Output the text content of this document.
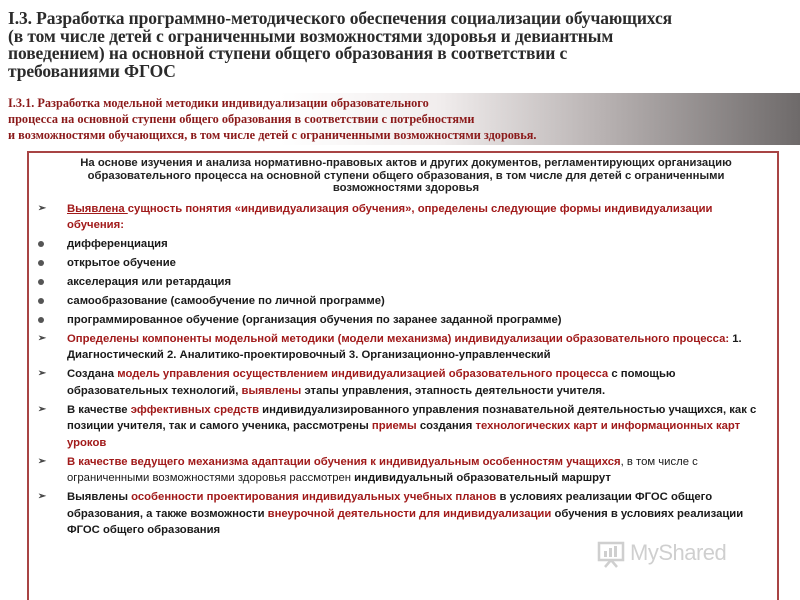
I.3. Разработка программно-методического обеспечения социализации обучающихся
(в том числе детей с ограниченными возможностями здоровья и девиантным
поведением) на основной ступени общего образования в соответствии с
требованиями ФГОС
I.3.1. Разработка модельной методики индивидуализации образовательного
процесса на основной ступени общего образования в соответствии с потребностями
и возможностями обучающихся, в том числе детей с ограниченными возможностями здоровья.
На основе изучения и анализа нормативно-правовых актов и других документов, регламентирующих организацию образовательного процесса на основной ступени общего образования, в том числе для детей с ограниченными возможностями здоровья
➢ Выявлена сущность понятия «индивидуализация обучения», определены следующие формы индивидуализации обучения:
дифференциация
открытое обучение
акселерация или ретардация
самообразование (самообучение по личной программе)
программированное обучение (организация обучения по заранее заданной программе)
➢ Определены компоненты модельной методики (модели механизма) индивидуализации образовательного процесса: 1. Диагностический 2. Аналитико-проектировочный 3. Организационно-управленческий
➢ Создана модель управления осуществлением индивидуализацией образовательного процесса с помощью образовательных технологий, выявлены этапы управления, этапность деятельности учителя.
➢ В качестве эффективных средств индивидуализированного управления познавательной деятельностью учащихся, как с позиции учителя, так и самого ученика, рассмотрены приемы создания технологических карт и информационных карт уроков
➢ В качестве ведущего механизма адаптации обучения к индивидуальным особенностям учащихся, в том числе с ограниченными возможностями здоровья рассмотрен индивидуальный образовательный маршрут
➢ Выявлены особенности проектирования индивидуальных учебных планов в условиях реализации ФГОС общего образования, а также возможности внеурочной деятельности для индивидуализации обучения в условиях реализации ФГОС общего образования
MyShared
